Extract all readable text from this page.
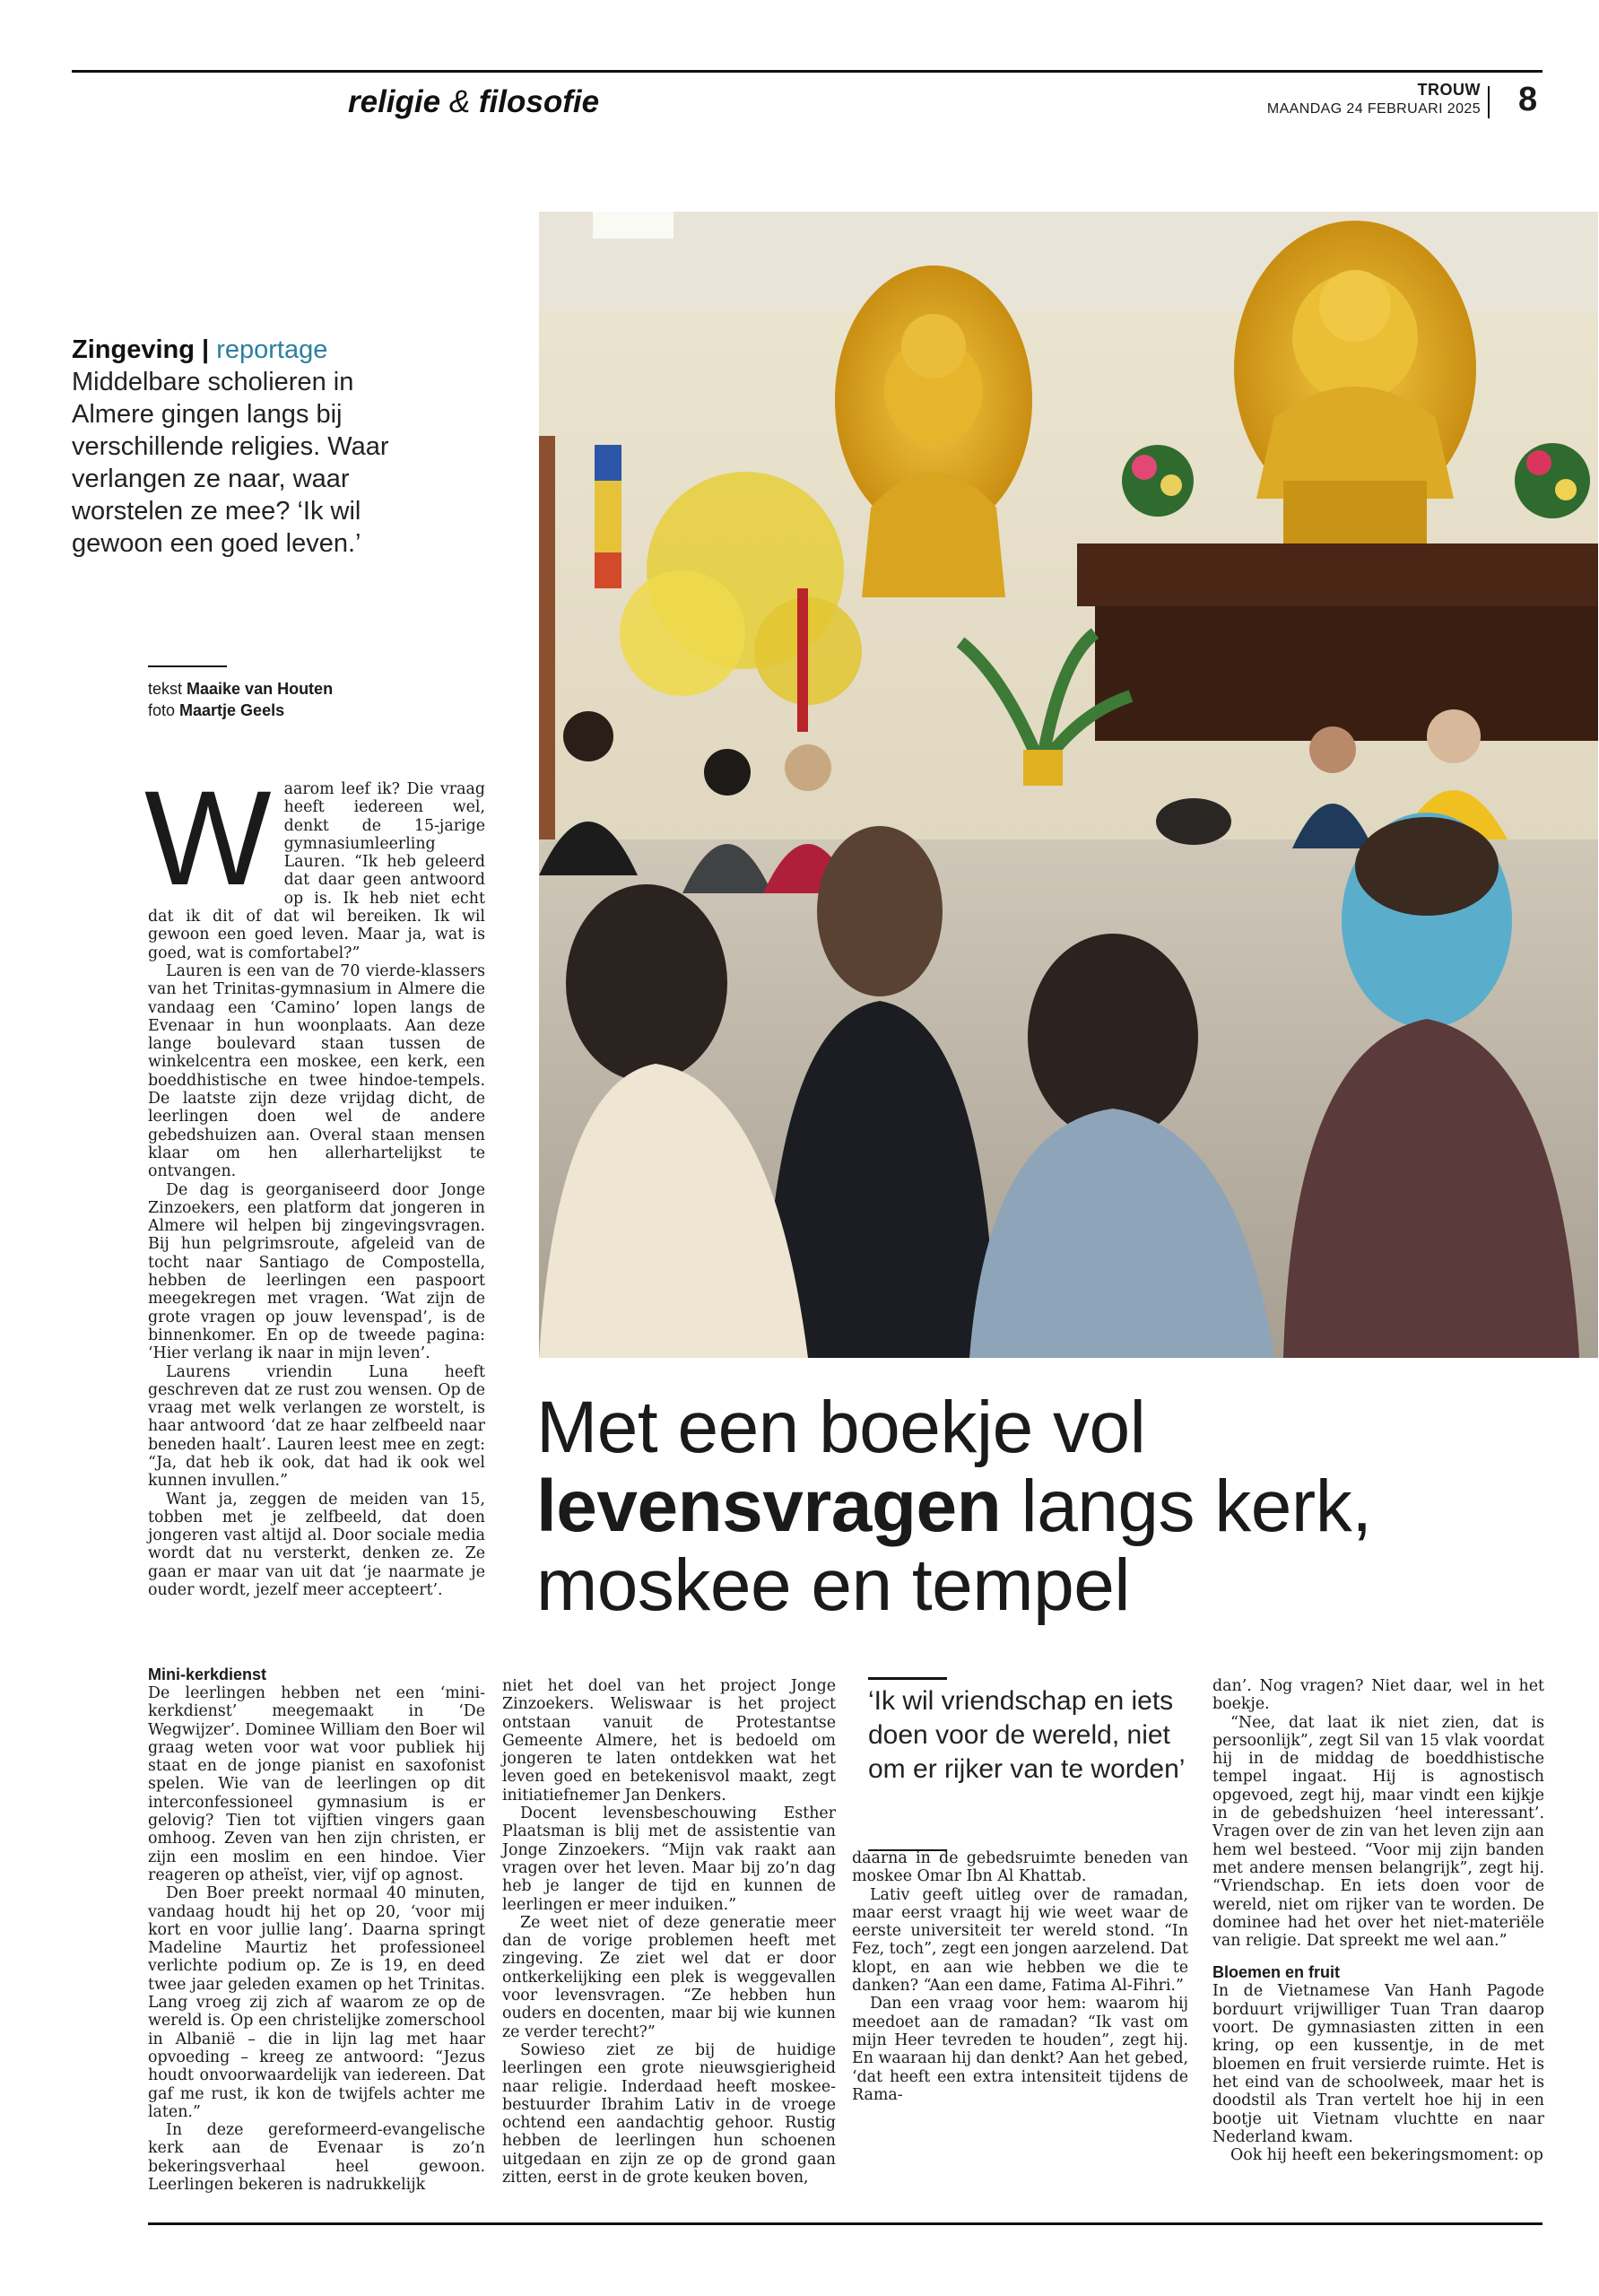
religie & filosofie	TROUW
MAANDAG 24 FEBRUARI 2025 8
Zingeving | reportage Middelbare scholieren in Almere gingen langs bij verschillende religies. Waar verlangen ze naar, waar worstelen ze mee? ‘Ik wil gewoon een goed leven.’
tekst Maaike van Houten
foto Maartje Geels
Met een boekje vol
levensvragen langs kerk, moskee en tempel
W aarom leef ik? Die vraag heeft iedereen wel, denkt de 15-jarige gymnasiumleerling Lauren. “Ik heb geleerd dat daar geen antwoord op is. Ik heb niet echt dat ik dit of dat wil bereiken. Ik wil gewoon een goed leven. Maar ja, wat is goed, wat is comfortabel?”

Lauren is een van de 70 vierde-klassers van het Trinitas-gymnasium in Almere die vandaag een ‘Camino’ lopen langs de Evenaar in hun woonplaats. Aan deze lange boulevard staan tussen de winkelcentra een moskee, een kerk, een boeddhistische en twee hindoe-tempels. De laatste zijn deze vrijdag dicht, de leerlingen doen wel de andere gebedshuizen aan. Overal staan mensen klaar om hen allerhartelijkst te ontvangen.

De dag is georganiseerd door Jonge Zinzoekers, een platform dat jongeren in Almere wil helpen bij zingevingsvragen. Bij hun pelgrimsroute, afgeleid van de tocht naar Santiago de Compostella, hebben de leerlingen een paspoort meegekregen met vragen. ‘Wat zijn de grote vragen op jouw levenspad’, is de binnenkomer. En op de tweede pagina: ‘Hier verlang ik naar in mijn leven’.

Laurens vriendin Luna heeft geschreven dat ze rust zou wensen. Op de vraag met welk verlangen ze worstelt, is haar antwoord ‘dat ze haar zelfbeeld naar beneden haalt’. Lauren leest mee en zegt: “Ja, dat heb ik ook, dat had ik ook wel kunnen invullen.”

Want ja, zeggen de meiden van 15, tobben met je zelfbeeld, dat doen jongeren vast altijd al. Door sociale media wordt dat nu versterkt, denken ze. Ze gaan er maar van uit dat ‘je naarmate je ouder wordt, jezelf meer accepteert’.

Mini-kerkdienst

De leerlingen hebben net een ‘mini-kerkdienst’ meegemaakt in ‘De Wegwijzer’. Dominee William den Boer wil graag weten voor wat voor publiek hij staat en de jonge pianist en saxofonist spelen. Wie van de leerlingen op dit interconfessioneel gymnasium is er gelovig? Tien tot vijftien vingers gaan omhoog. Zeven van hen zijn christen, er zijn een moslim en een hindoe. Vier reageren op atheïst, vier, vijf op agnost.

Den Boer preekt normaal 40 minuten, vandaag houdt hij het op 20, ‘voor mij kort en voor jullie lang’. Daarna springt Madeline Maurtiz het professioneel verlichte podium op. Ze is 19, en deed twee jaar geleden examen op het Trinitas. Lang vroeg zij zich af waarom ze op de wereld is. Op een christelijke zomerschool in Albanië – die in lijn lag met haar opvoeding – kreeg ze antwoord: “Jezus houdt onvoorwaardelijk van iedereen. Dat gaf me rust, ik kon de twijfels achter me laten.”

In deze gereformeerd-evangelische kerk aan de Evenaar is zo’n bekeringsverhaal heel gewoon. Leerlingen bekeren is nadrukkelijk

niet het doel van het project Jonge Zinzoekers. Weliswaar is het project ontstaan vanuit de Protestantse Gemeente Almere, het is bedoeld om jongeren te laten ontdekken wat het leven goed en betekenisvol maakt, zegt initiatiefnemer Jan Denkers.

Docent levensbeschouwing Esther Plaatsman is blij met de assistentie van Jonge Zinzoekers. “Mijn vak raakt aan vragen over het leven. Maar bij zo’n dag heb je langer de tijd en kunnen de leerlingen er meer induiken.”

Ze weet niet of deze generatie meer dan de vorige problemen heeft met zingeving. Ze ziet wel dat er door ontkerkelijking een plek is weggevallen voor levensvragen. “Ze hebben hun ouders en docenten, maar bij wie kunnen ze verder terecht?”

Sowieso ziet ze bij de huidige leerlingen een grote nieuwsgierigheid naar religie. Inderdaad heeft moskee-bestuurder Ibrahim Lativ in de vroege ochtend een aandachtig gehoor. Rustig hebben de leerlingen hun schoenen uitgedaan en zijn ze op de grond gaan zitten, eerst in de grote keuken boven,

‘Ik wil vriendschap en iets doen voor de wereld, niet om er rijker van te worden’

daarna in de gebedsruimte beneden van moskee Omar Ibn Al Khattab.

Lativ geeft uitleg over de ramadan, maar eerst vraagt hij wie weet waar de eerste universiteit ter wereld stond. “In Fez, toch”, zegt een jongen aarzelend. Dat klopt, en aan wie hebben we die te danken? “Aan een dame, Fatima Al-Fihri.”

Dan een vraag voor hem: waarom hij meedoet aan de ramadan? “Ik vast om mijn Heer tevreden te houden”, zegt hij. En waaraan hij dan denkt? Aan het gebed, ‘dat heeft een extra intensiteit tijdens de Rama-

dan’. Nog vragen? Niet daar, wel in het boekje.

“Nee, dat laat ik niet zien, dat is persoonlijk”, zegt Sil van 15 vlak voordat hij in de middag de boeddhistische tempel ingaat. Hij is agnostisch opgevoed, zegt hij, maar vindt een kijkje in de gebedshuizen ‘heel interessant’. Vragen over de zin van het leven zijn aan hem wel besteed. “Voor mij zijn banden met andere mensen belangrijk”, zegt hij. “Vriendschap. En iets doen voor de wereld, niet om rijker van te worden. De dominee had het over het niet-materiële van religie. Dat spreekt me wel aan.”

Bloemen en fruit

In de Vietnamese Van Hanh Pagode borduurt vrijwilliger Tuan Tran daarop voort. De gymnasiasten zitten in een kring, op een kussentje, in de met bloemen en fruit versierde ruimte. Het is het eind van de schoolweek, maar het is doodstil als Tran vertelt hoe hij in een bootje uit Vietnam vluchtte en naar Nederland kwam.

Ook hij heeft een bekeringsmoment: op
